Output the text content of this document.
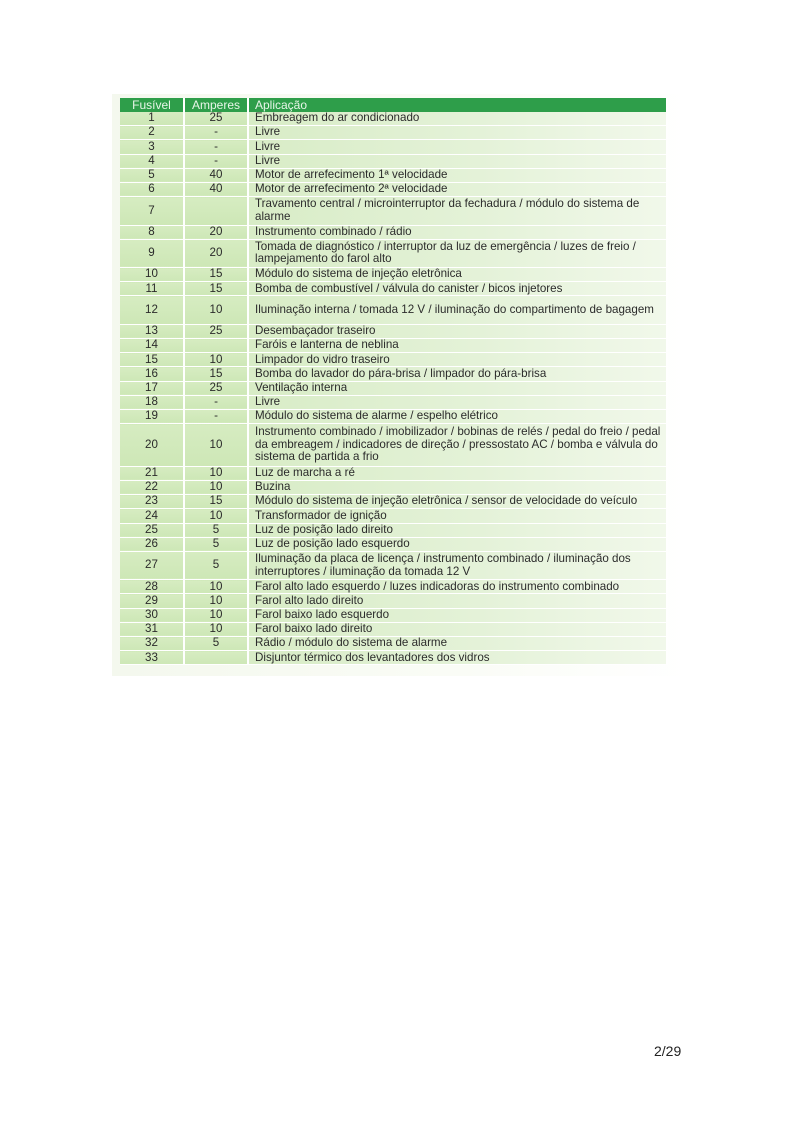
Fusível	Amperes	Aplicação
1	25	Embreagem do ar condicionado
2	-	Livre
3	-	Livre
4	-	Livre
5	40	Motor de arrefecimento 1ª velocidade
6	40	Motor de arrefecimento 2ª velocidade
7		Travamento central / microinterruptor da fechadura / módulo do sistema de alarme
8	20	Instrumento combinado / rádio
9	20	Tomada de diagnóstico / interruptor da luz de emergência / luzes de freio / lampejamento do farol alto
10	15	Módulo do sistema de injeção eletrônica
11	15	Bomba de combustível / válvula do canister / bicos injetores
12	10	Iluminação interna / tomada 12 V / iluminação do compartimento de bagagem
13	25	Desembaçador traseiro
14		Faróis e lanterna de neblina
15	10	Limpador do vidro traseiro
16	15	Bomba do lavador do pára-brisa / limpador do pára-brisa
17	25	Ventilação interna
18	-	Livre
19	-	Módulo do sistema de alarme / espelho elétrico
20	10	Instrumento combinado / imobilizador / bobinas de relés / pedal do freio / pedal da embreagem / indicadores de direção / pressostato AC / bomba e válvula do sistema de partida a frio
21	10	Luz de marcha a ré
22	10	Buzina
23	15	Módulo do sistema de injeção eletrônica / sensor de velocidade do veículo
24	10	Transformador de ignição
25	5	Luz de posição lado direito
26	5	Luz de posição lado esquerdo
27	5	Iluminação da placa de licença / instrumento combinado / iluminação dos interruptores / iluminação da tomada 12 V
28	10	Farol alto lado esquerdo / luzes indicadoras do instrumento combinado
29	10	Farol alto lado direito
30	10	Farol baixo lado esquerdo
31	10	Farol baixo lado direito
32	5	Rádio / módulo do sistema de alarme
33		Disjuntor térmico dos levantadores dos vidros
2/29
